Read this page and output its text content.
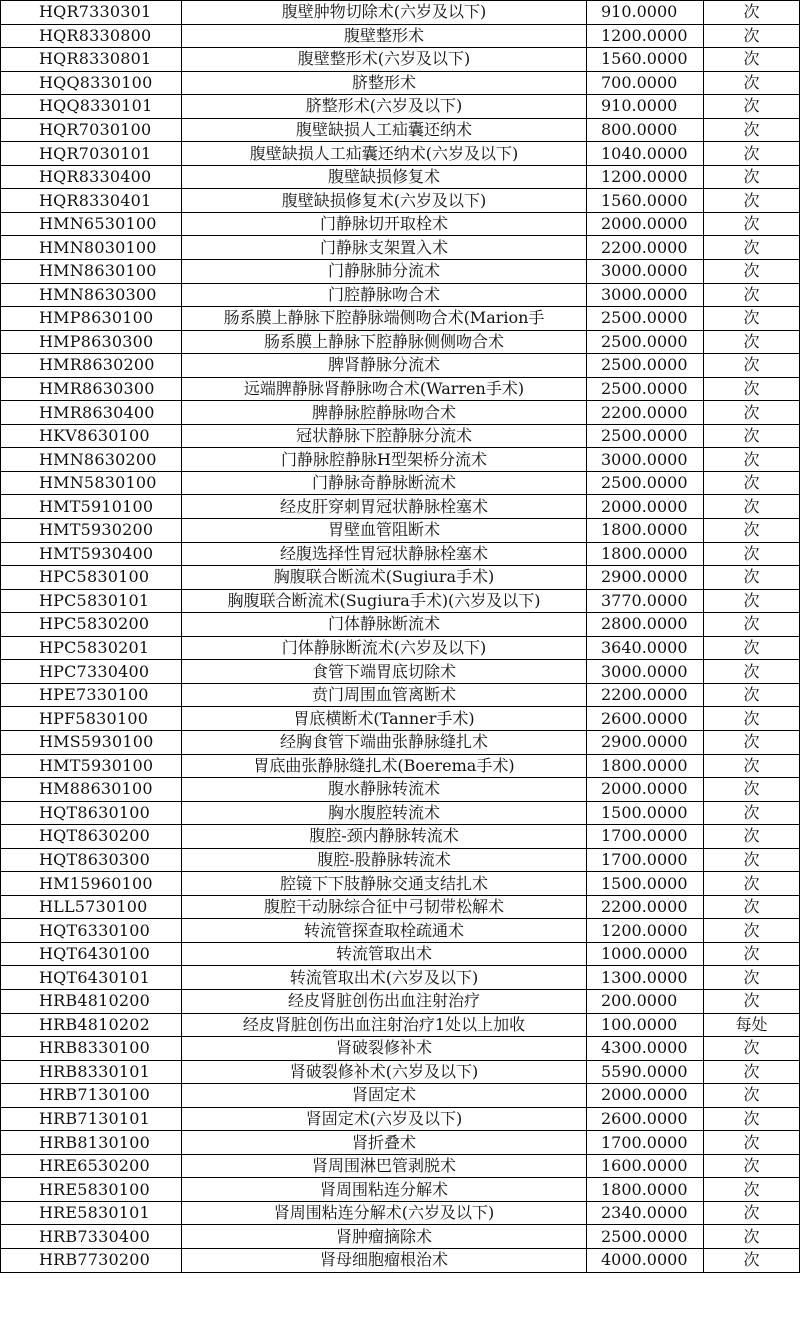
HQR7330301	腹壁肿物切除术(六岁及以下)	910.0000	次
HQR8330800	腹壁整形术	1200.0000	次
HQR8330801	腹壁整形术(六岁及以下)	1560.0000	次
HQQ8330100	脐整形术	700.0000	次
HQQ8330101	脐整形术(六岁及以下)	910.0000	次
HQR7030100	腹壁缺损人工疝囊还纳术	800.0000	次
HQR7030101	腹壁缺损人工疝囊还纳术(六岁及以下)	1040.0000	次
HQR8330400	腹壁缺损修复术	1200.0000	次
HQR8330401	腹壁缺损修复术(六岁及以下)	1560.0000	次
HMN6530100	门静脉切开取栓术	2000.0000	次
HMN8030100	门静脉支架置入术	2200.0000	次
HMN8630100	门静脉肺分流术	3000.0000	次
HMN8630300	门腔静脉吻合术	3000.0000	次
HMP8630100	肠系膜上静脉下腔静脉端侧吻合术(Marion手	2500.0000	次
HMP8630300	肠系膜上静脉下腔静脉侧侧吻合术	2500.0000	次
HMR8630200	脾肾静脉分流术	2500.0000	次
HMR8630300	远端脾静脉肾静脉吻合术(Warren手术)	2500.0000	次
HMR8630400	脾静脉腔静脉吻合术	2200.0000	次
HKV8630100	冠状静脉下腔静脉分流术	2500.0000	次
HMN8630200	门静脉腔静脉H型架桥分流术	3000.0000	次
HMN5830100	门静脉奇静脉断流术	2500.0000	次
HMT5910100	经皮肝穿刺胃冠状静脉栓塞术	2000.0000	次
HMT5930200	胃壁血管阻断术	1800.0000	次
HMT5930400	经腹选择性胃冠状静脉栓塞术	1800.0000	次
HPC5830100	胸腹联合断流术(Sugiura手术)	2900.0000	次
HPC5830101	胸腹联合断流术(Sugiura手术)(六岁及以下)	3770.0000	次
HPC5830200	门体静脉断流术	2800.0000	次
HPC5830201	门体静脉断流术(六岁及以下)	3640.0000	次
HPC7330400	食管下端胃底切除术	3000.0000	次
HPE7330100	贲门周围血管离断术	2200.0000	次
HPF5830100	胃底横断术(Tanner手术)	2600.0000	次
HMS5930100	经胸食管下端曲张静脉缝扎术	2900.0000	次
HMT5930100	胃底曲张静脉缝扎术(Boerema手术)	1800.0000	次
HM88630100	腹水静脉转流术	2000.0000	次
HQT8630100	胸水腹腔转流术	1500.0000	次
HQT8630200	腹腔-颈内静脉转流术	1700.0000	次
HQT8630300	腹腔-股静脉转流术	1700.0000	次
HM15960100	腔镜下下肢静脉交通支结扎术	1500.0000	次
HLL5730100	腹腔干动脉综合征中弓韧带松解术	2200.0000	次
HQT6330100	转流管探查取栓疏通术	1200.0000	次
HQT6430100	转流管取出术	1000.0000	次
HQT6430101	转流管取出术(六岁及以下)	1300.0000	次
HRB4810200	经皮肾脏创伤出血注射治疗	200.0000	次
HRB4810202	经皮肾脏创伤出血注射治疗1处以上加收	100.0000	每处
HRB8330100	肾破裂修补术	4300.0000	次
HRB8330101	肾破裂修补术(六岁及以下)	5590.0000	次
HRB7130100	肾固定术	2000.0000	次
HRB7130101	肾固定术(六岁及以下)	2600.0000	次
HRB8130100	肾折叠术	1700.0000	次
HRE6530200	肾周围淋巴管剥脱术	1600.0000	次
HRE5830100	肾周围粘连分解术	1800.0000	次
HRE5830101	肾周围粘连分解术(六岁及以下)	2340.0000	次
HRB7330400	肾肿瘤摘除术	2500.0000	次
HRB7730200	肾母细胞瘤根治术	4000.0000	次
